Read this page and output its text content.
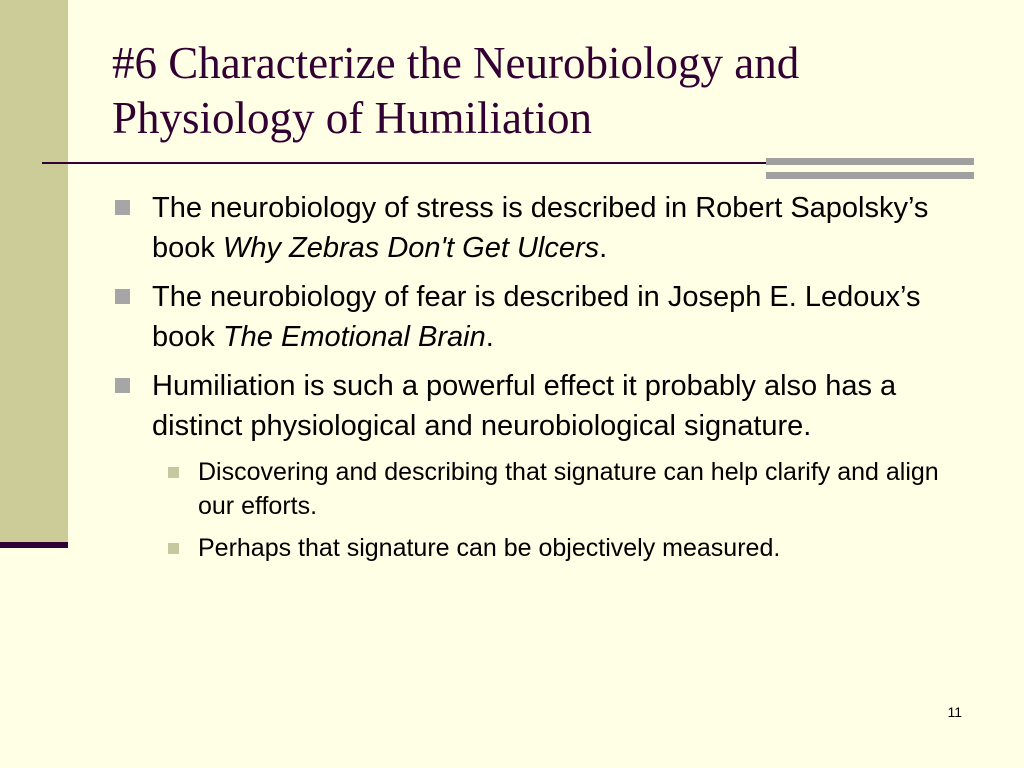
#6 Characterize the Neurobiology and Physiology of Humiliation
The neurobiology of stress is described in Robert Sapolsky’s book Why Zebras Don't Get Ulcers.
The neurobiology of fear is described in Joseph E. Ledoux’s book The Emotional Brain.
Humiliation is such a powerful effect it probably also has a distinct physiological and neurobiological signature.
Discovering and describing that signature can help clarify and align our efforts.
Perhaps that signature can be objectively measured.
11
